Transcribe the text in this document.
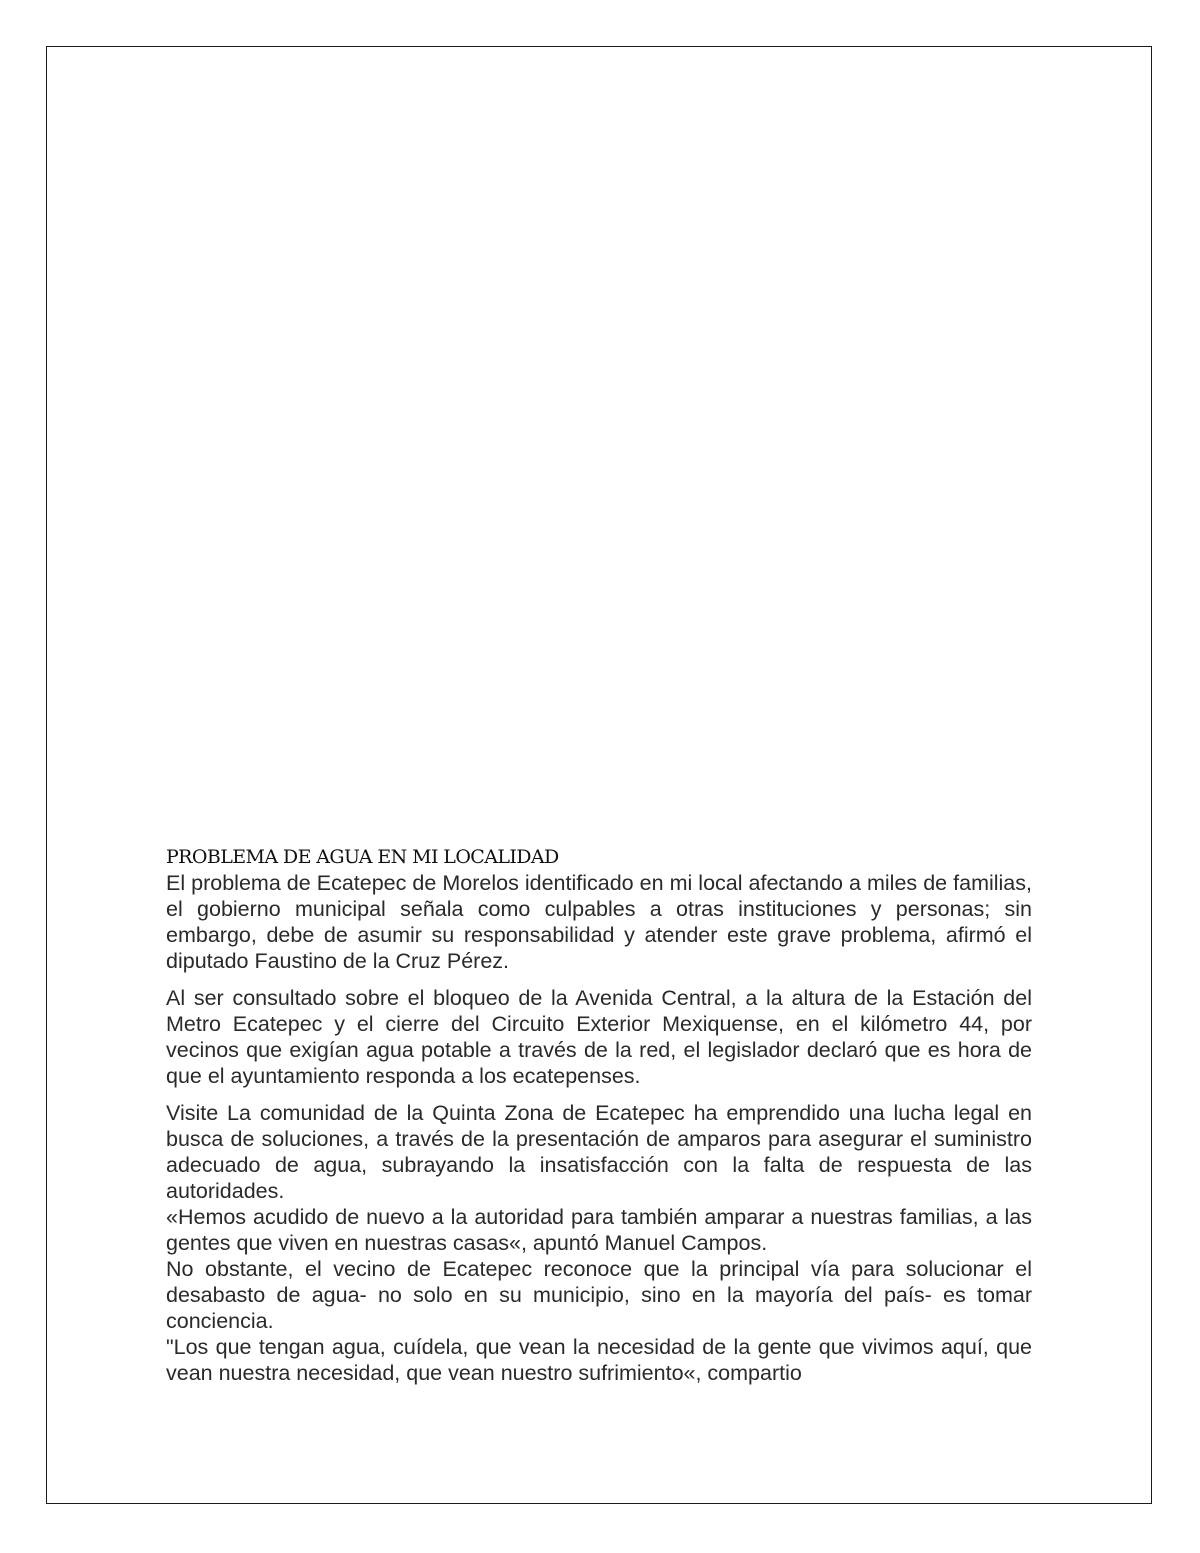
PROBLEMA DE AGUA EN MI LOCALIDAD

El problema de Ecatepec de Morelos identificado en mi local afectando a miles de familias, el gobierno municipal señala como culpables a otras instituciones y personas; sin embargo, debe de asumir su responsabilidad y atender este grave problema, afirmó el diputado Faustino de la Cruz Pérez.

Al ser consultado sobre el bloqueo de la Avenida Central, a la altura de la Estación del Metro Ecatepec y el cierre del Circuito Exterior Mexiquense, en el kilómetro 44, por vecinos que exigían agua potable a través de la red, el legislador declaró que es hora de que el ayuntamiento responda a los ecatepenses.

Visite La comunidad de la Quinta Zona de Ecatepec ha emprendido una lucha legal en busca de soluciones, a través de la presentación de amparos para asegurar el suministro adecuado de agua, subrayando la insatisfacción con la falta de respuesta de las autoridades.

«Hemos acudido de nuevo a la autoridad para también amparar a nuestras familias, a las gentes que viven en nuestras casas«, apuntó Manuel Campos.

No obstante, el vecino de Ecatepec reconoce que la principal vía para solucionar el desabasto de agua- no solo en su municipio, sino en la mayoría del país- es tomar conciencia.

"Los que tengan agua, cuídela, que vean la necesidad de la gente que vivimos aquí, que vean nuestra necesidad, que vean nuestro sufrimiento«, compartio
